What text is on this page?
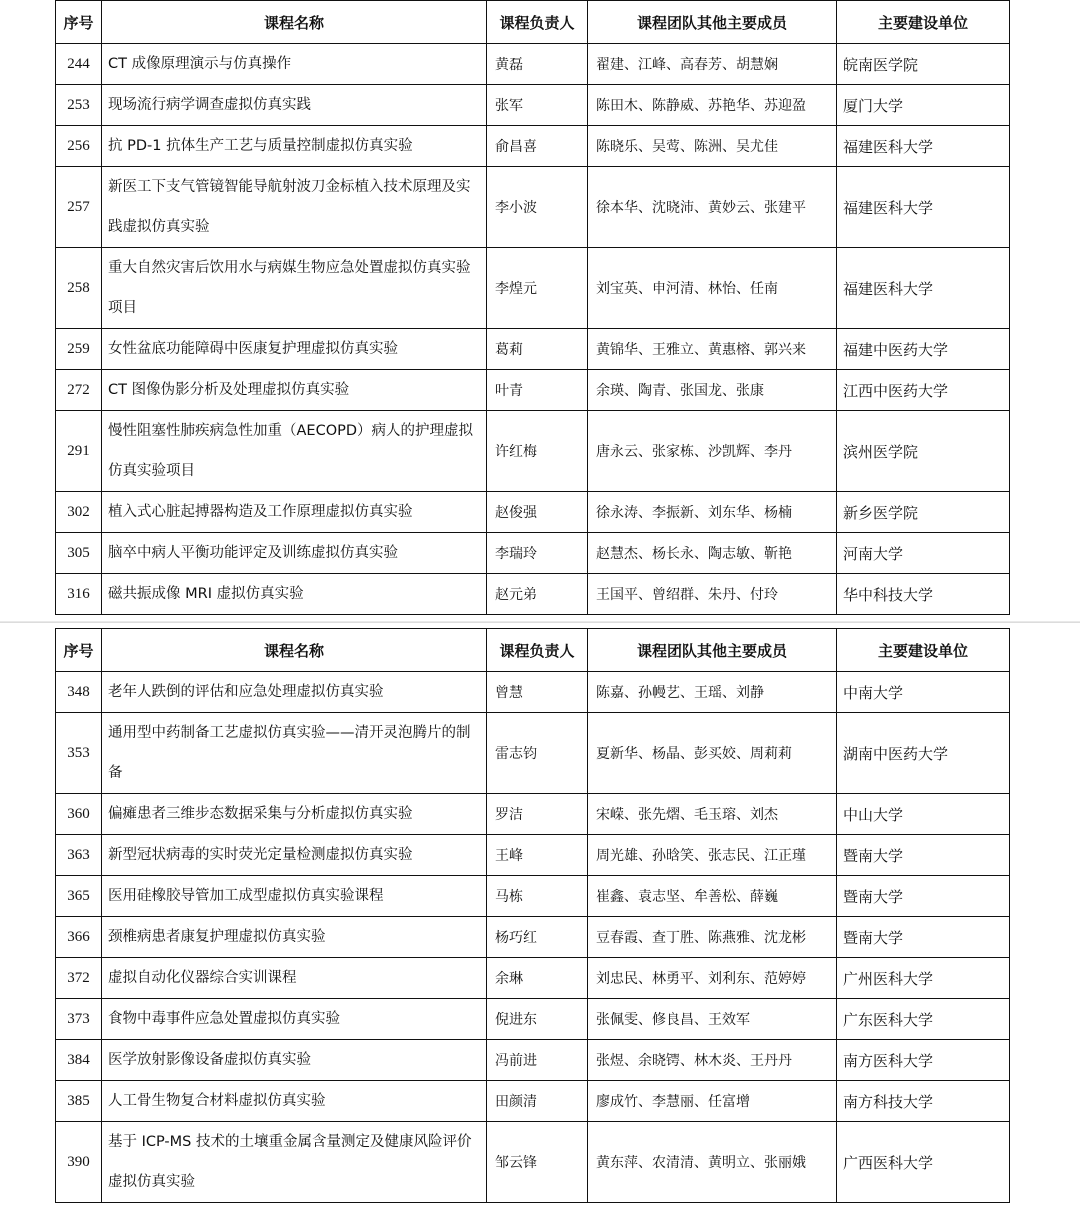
序号	课程名称	课程负责人	课程团队其他主要成员	主要建设单位
244	CT 成像原理演示与仿真操作	黄磊	翟建、江峰、高春芳、胡慧娴	皖南医学院
253	现场流行病学调查虚拟仿真实践	张军	陈田木、陈静威、苏艳华、苏迎盈	厦门大学
256	抗 PD-1 抗体生产工艺与质量控制虚拟仿真实验	俞昌喜	陈晓乐、吴莺、陈洲、吴尤佳	福建医科大学
257	新医工下支气管镜智能导航射波刀金标植入技术原理及实践虚拟仿真实验	李小波	徐本华、沈晓沛、黄妙云、张建平	福建医科大学
258	重大自然灾害后饮用水与病媒生物应急处置虚拟仿真实验项目	李煌元	刘宝英、申河清、林怡、任南	福建医科大学
259	女性盆底功能障碍中医康复护理虚拟仿真实验	葛莉	黄锦华、王雅立、黄惠榕、郭兴来	福建中医药大学
272	CT 图像伪影分析及处理虚拟仿真实验	叶青	余瑛、陶青、张国龙、张康	江西中医药大学
291	慢性阻塞性肺疾病急性加重（AECOPD）病人的护理虚拟仿真实验项目	许红梅	唐永云、张家栋、沙凯辉、李丹	滨州医学院
302	植入式心脏起搏器构造及工作原理虚拟仿真实验	赵俊强	徐永涛、李振新、刘东华、杨楠	新乡医学院
305	脑卒中病人平衡功能评定及训练虚拟仿真实验	李瑞玲	赵慧杰、杨长永、陶志敏、靳艳	河南大学
316	磁共振成像 MRI 虚拟仿真实验	赵元弟	王国平、曾绍群、朱丹、付玲	华中科技大学
序号	课程名称	课程负责人	课程团队其他主要成员	主要建设单位
348	老年人跌倒的评估和应急处理虚拟仿真实验	曾慧	陈嘉、孙幔艺、王瑶、刘静	中南大学
353	通用型中药制备工艺虚拟仿真实验——清开灵泡腾片的制备	雷志钧	夏新华、杨晶、彭买姣、周莉莉	湖南中医药大学
360	偏瘫患者三维步态数据采集与分析虚拟仿真实验	罗洁	宋嵘、张先熠、毛玉瑢、刘杰	中山大学
363	新型冠状病毒的实时荧光定量检测虚拟仿真实验	王峰	周光雄、孙晗笑、张志民、江正瑾	暨南大学
365	医用硅橡胶导管加工成型虚拟仿真实验课程	马栋	崔鑫、袁志坚、牟善松、薛巍	暨南大学
366	颈椎病患者康复护理虚拟仿真实验	杨巧红	豆春霞、查丁胜、陈燕雅、沈龙彬	暨南大学
372	虚拟自动化仪器综合实训课程	余琳	刘忠民、林勇平、刘利东、范婷婷	广州医科大学
373	食物中毒事件应急处置虚拟仿真实验	倪进东	张佩雯、修良昌、王效军	广东医科大学
384	医学放射影像设备虚拟仿真实验	冯前进	张煜、余晓锷、林木炎、王丹丹	南方医科大学
385	人工骨生物复合材料虚拟仿真实验	田颜清	廖成竹、李慧丽、任富增	南方科技大学
390	基于 ICP-MS 技术的土壤重金属含量测定及健康风险评价虚拟仿真实验	邹云锋	黄东萍、农清清、黄明立、张丽娥	广西医科大学
